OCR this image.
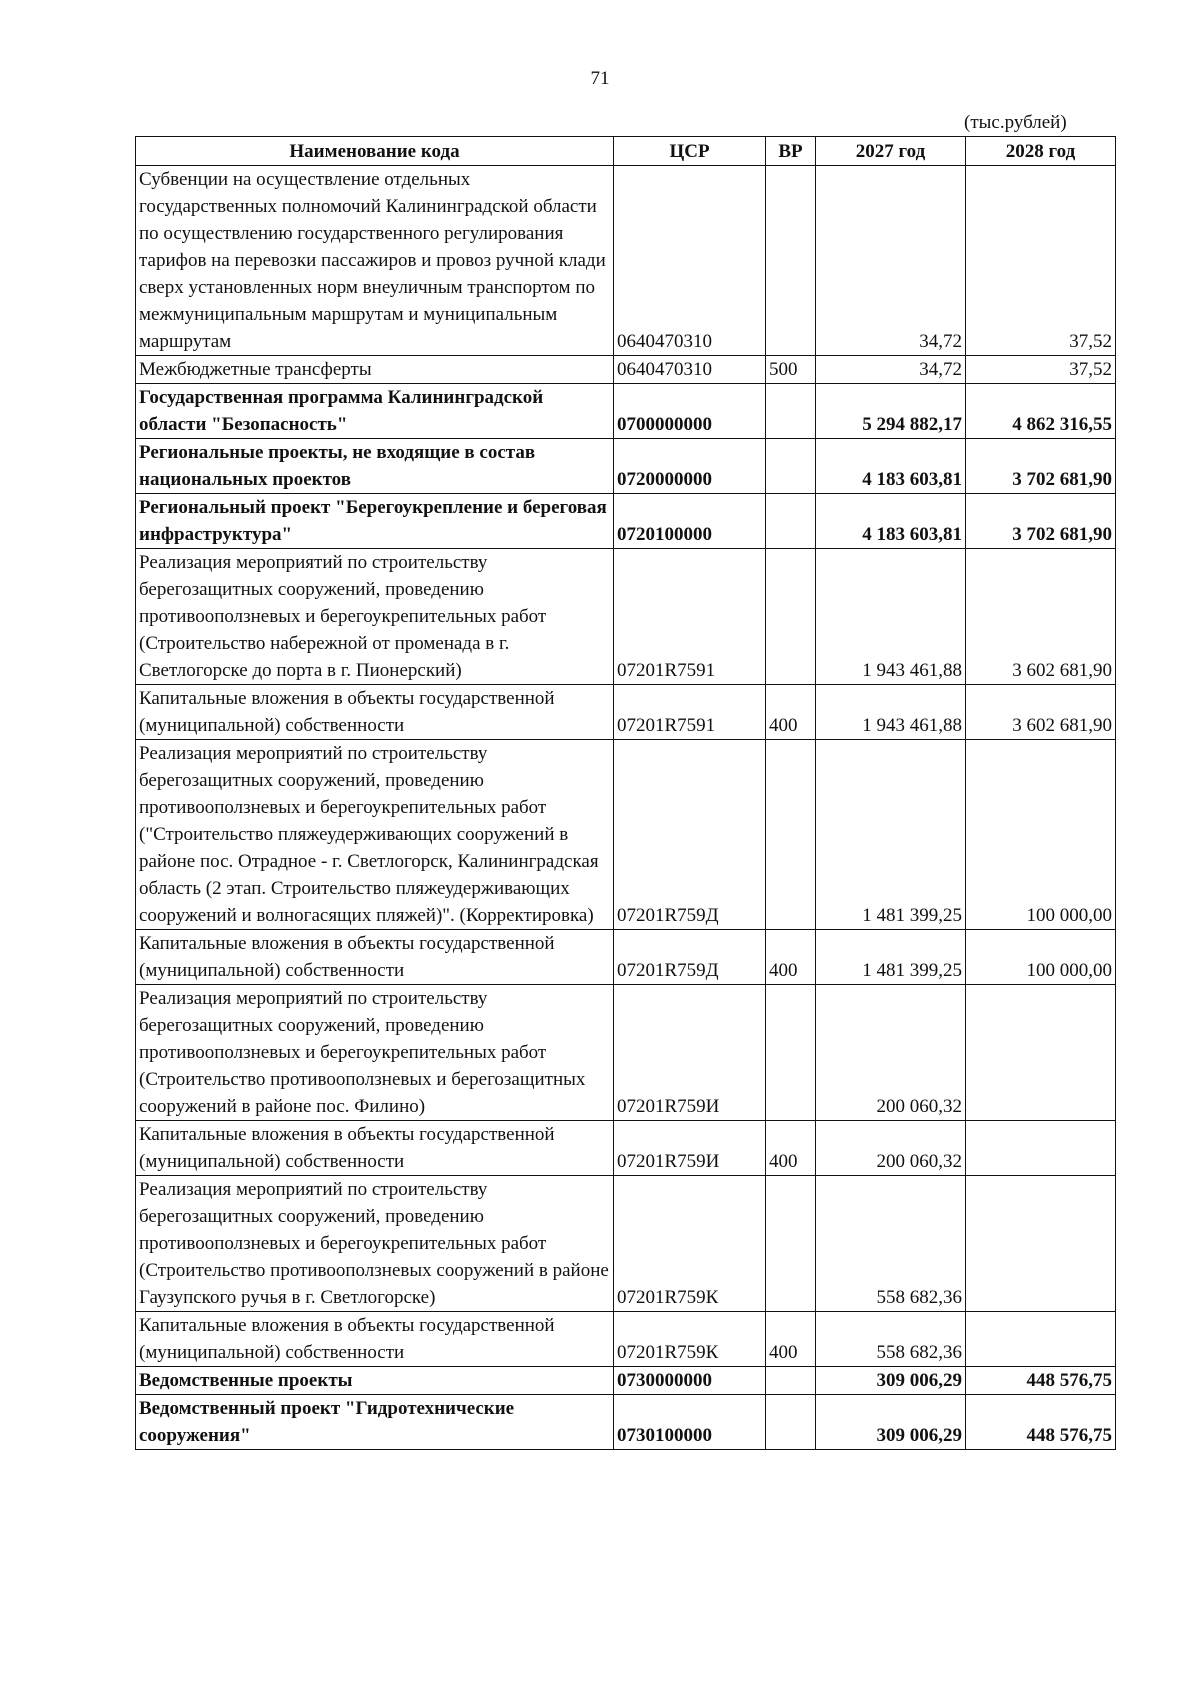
71
(тыс.рублей)
Наименование кода	ЦСР	ВР	2027 год	2028 год
Субвенции на осуществление отдельных государственных полномочий Калининградской области по осуществлению государственного регулирования тарифов на перевозки пассажиров и провоз ручной клади сверх установленных норм внеуличным транспортом по межмуниципальным маршрутам и муниципальным маршрутам	0640470310		34,72	37,52
Межбюджетные трансферты	0640470310	500	34,72	37,52
Государственная программа Калининградской области "Безопасность"	0700000000		5 294 882,17	4 862 316,55
Региональные проекты, не входящие в состав национальных проектов	0720000000		4 183 603,81	3 702 681,90
Региональный проект "Берегоукрепление и береговая инфраструктура"	0720100000		4 183 603,81	3 702 681,90
Реализация мероприятий по строительству берегозащитных сооружений, проведению противооползневых и берегоукрепительных работ (Строительство набережной от променада в г. Светлогорске до порта в г. Пионерский)	07201R7591		1 943 461,88	3 602 681,90
Капитальные вложения в объекты государственной (муниципальной) собственности	07201R7591	400	1 943 461,88	3 602 681,90
Реализация мероприятий по строительству берегозащитных сооружений, проведению противооползневых и берегоукрепительных работ ("Строительство пляжеудерживающих сооружений в районе пос. Отрадное - г. Светлогорск, Калининградская область (2 этап. Строительство пляжеудерживающих сооружений и волногасящих пляжей)". (Корректировка)	07201R759Д		1 481 399,25	100 000,00
Капитальные вложения в объекты государственной (муниципальной) собственности	07201R759Д	400	1 481 399,25	100 000,00
Реализация мероприятий по строительству берегозащитных сооружений, проведению противооползневых и берегоукрепительных работ (Строительство противооползневых и берегозащитных сооружений в районе пос. Филино)	07201R759И		200 060,32	
Капитальные вложения в объекты государственной (муниципальной) собственности	07201R759И	400	200 060,32	
Реализация мероприятий по строительству берегозащитных сооружений, проведению противооползневых и берегоукрепительных работ (Строительство противооползневых сооружений в районе Гаузупского ручья в г. Светлогорске)	07201R759К		558 682,36	
Капитальные вложения в объекты государственной (муниципальной) собственности	07201R759К	400	558 682,36	
Ведомственные проекты	0730000000		309 006,29	448 576,75
Ведомственный проект "Гидротехнические сооружения"	0730100000		309 006,29	448 576,75
